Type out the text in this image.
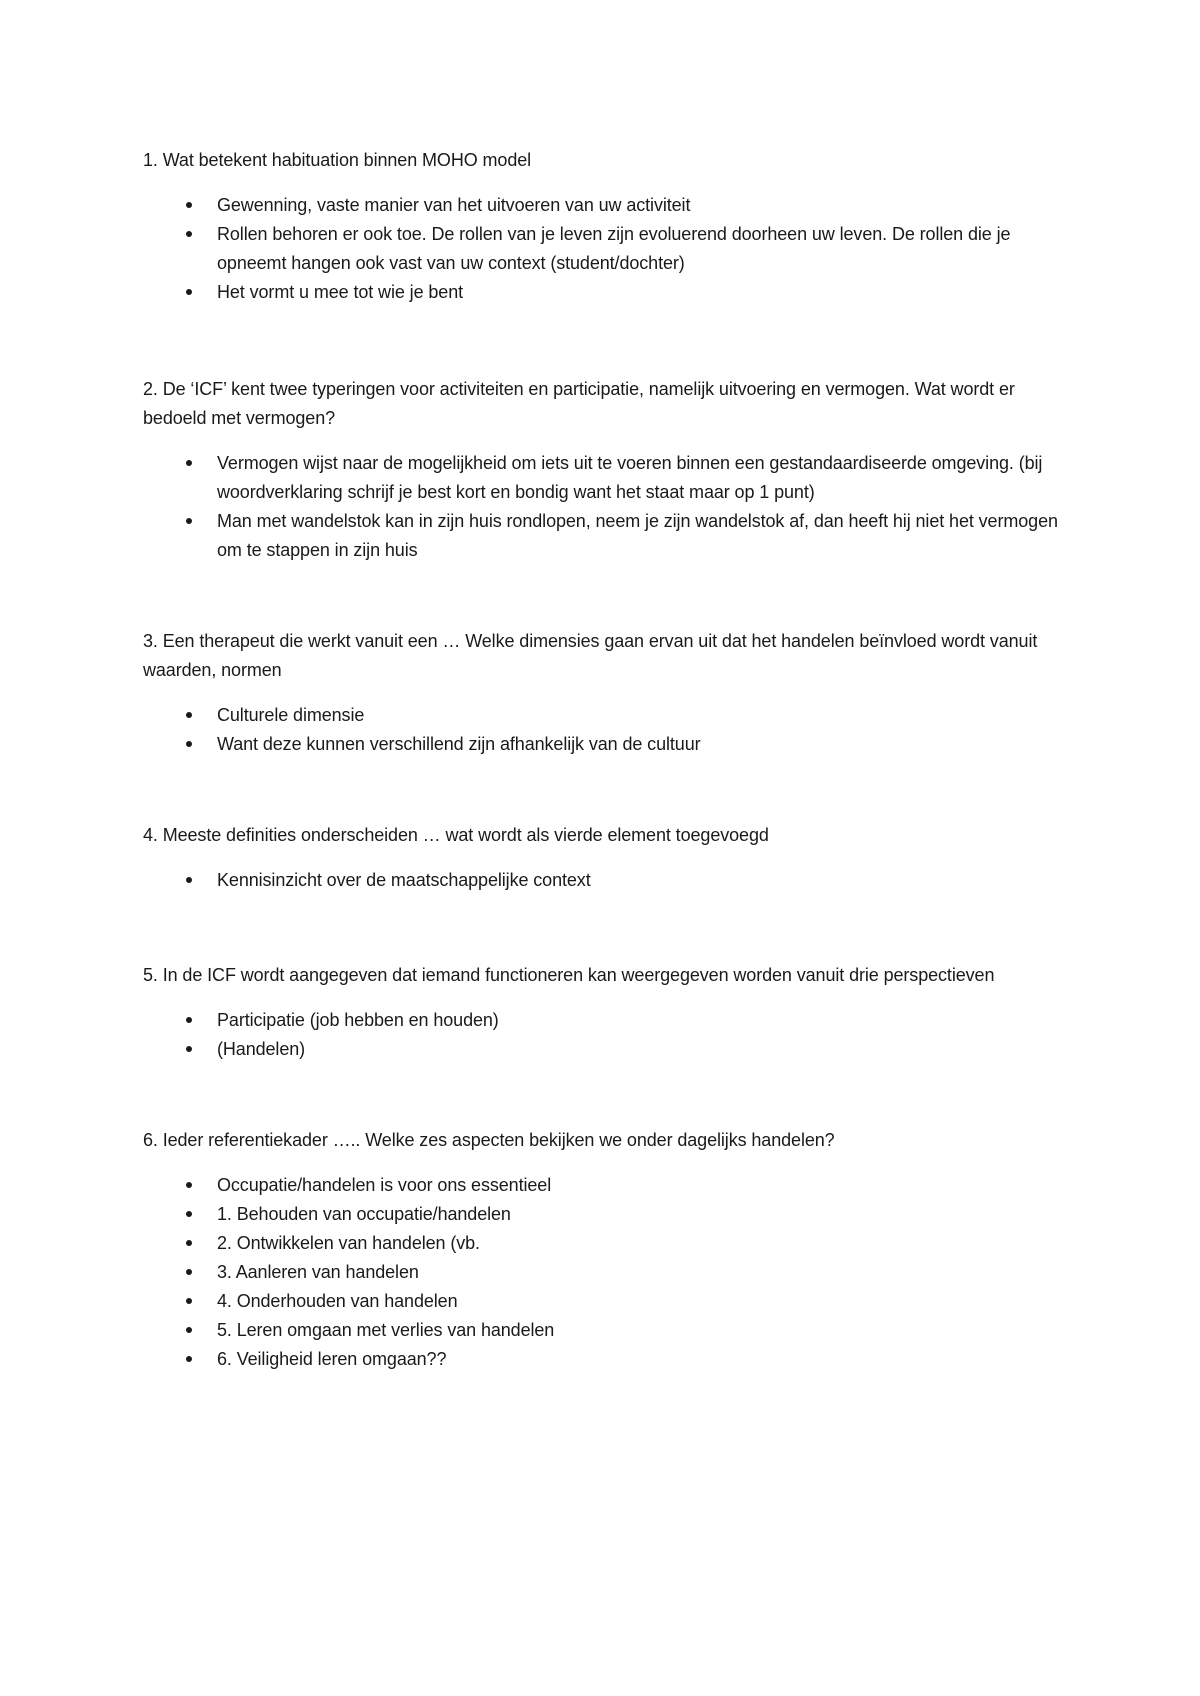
1. Wat betekent habituation binnen MOHO model

Gewenning, vaste manier van het uitvoeren van uw activiteit
Rollen behoren er ook toe. De rollen van je leven zijn evoluerend doorheen uw leven. De rollen die je opneemt hangen ook vast van uw context (student/dochter)
Het vormt u mee tot wie je bent

2. De ‘ICF’ kent twee typeringen voor activiteiten en participatie, namelijk uitvoering en vermogen. Wat wordt er bedoeld met vermogen?

Vermogen wijst naar de mogelijkheid om iets uit te voeren binnen een gestandaardiseerde omgeving. (bij woordverklaring schrijf je best kort en bondig want het staat maar op 1 punt)
Man met wandelstok kan in zijn huis rondlopen, neem je zijn wandelstok af, dan heeft hij niet het vermogen om te stappen in zijn huis

3. Een therapeut die werkt vanuit een … Welke dimensies gaan ervan uit dat het handelen beïnvloed wordt vanuit waarden, normen

Culturele dimensie
Want deze kunnen verschillend zijn afhankelijk van de cultuur

4. Meeste definities onderscheiden … wat wordt als vierde element toegevoegd

Kennisinzicht over de maatschappelijke context

5. In de ICF wordt aangegeven dat iemand functioneren kan weergegeven worden vanuit drie perspectieven

Participatie (job hebben en houden)
(Handelen)

6. Ieder referentiekader ….. Welke zes aspecten bekijken we onder dagelijks handelen?

Occupatie/handelen is voor ons essentieel
1. Behouden van occupatie/handelen
2. Ontwikkelen van handelen (vb.
3. Aanleren van handelen
4. Onderhouden van handelen
5. Leren omgaan met verlies van handelen
6. Veiligheid leren omgaan??
